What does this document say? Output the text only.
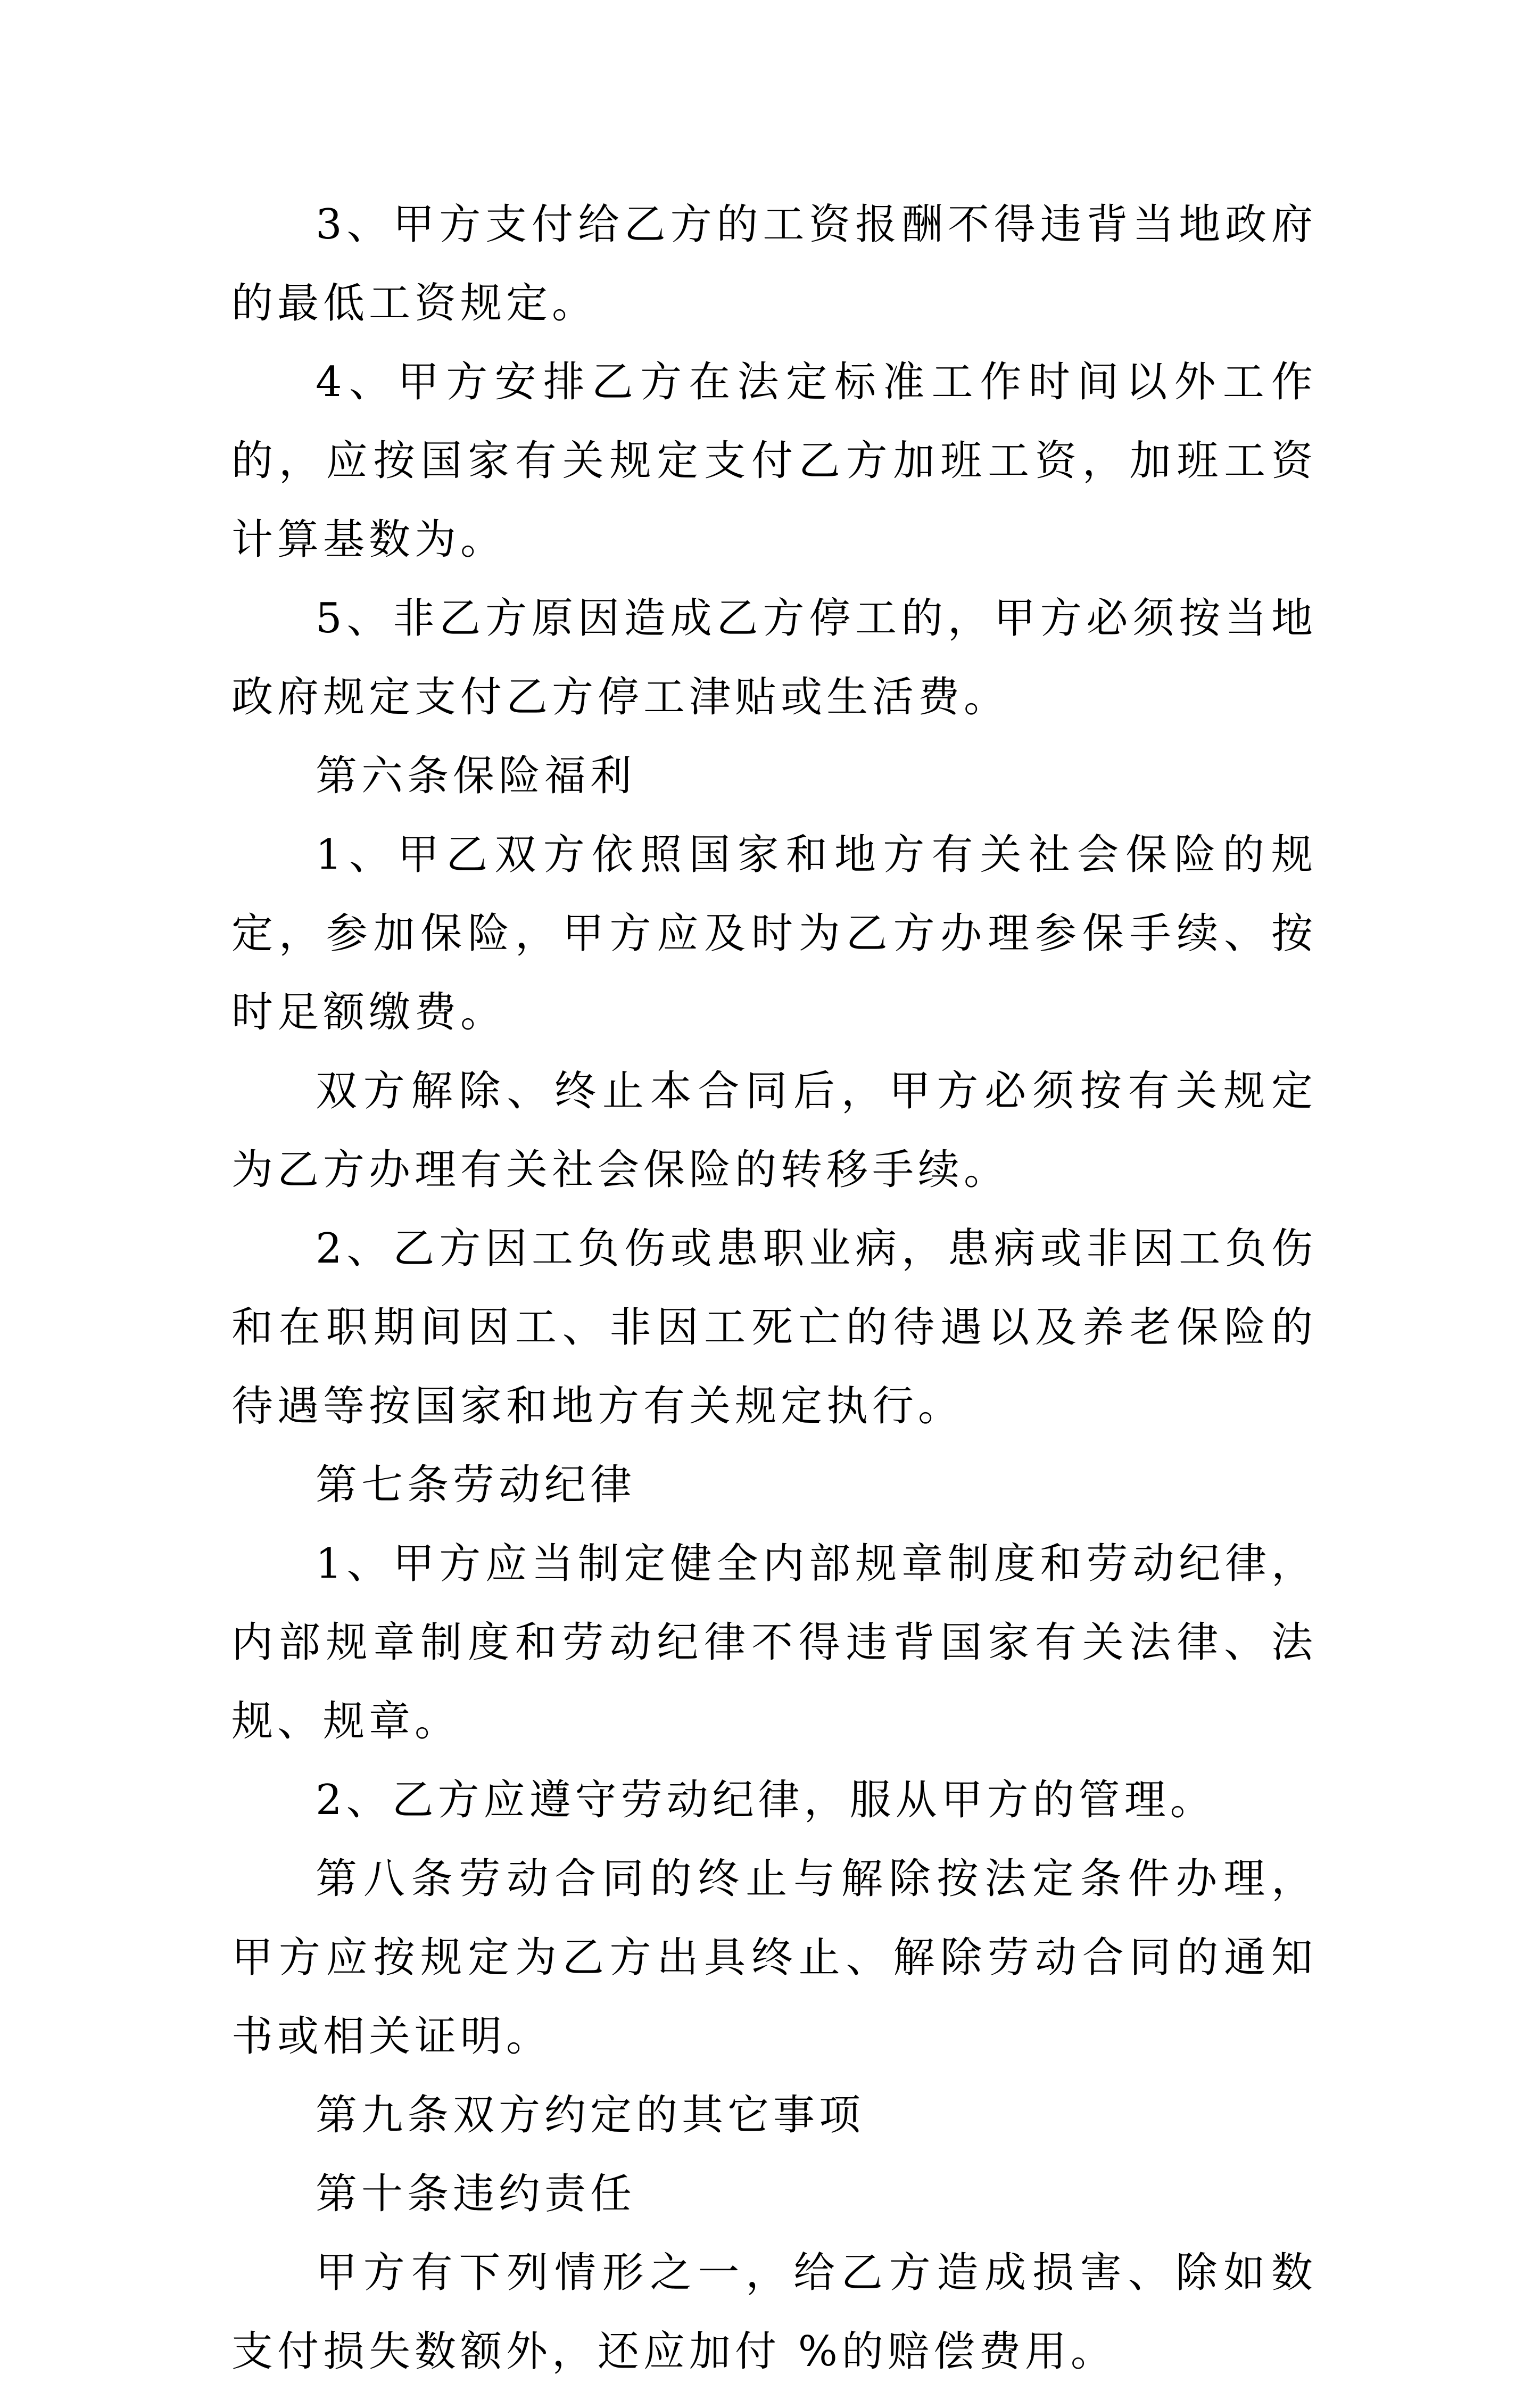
3、甲方支付给乙方的工资报酬不得违背当地政府的最低工资规定。

4、甲方安排乙方在法定标准工作时间以外工作的，应按国家有关规定支付乙方加班工资，加班工资计算基数为。

5、非乙方原因造成乙方停工的，甲方必须按当地政府规定支付乙方停工津贴或生活费。

第六条保险福利

1、甲乙双方依照国家和地方有关社会保险的规定，参加保险，甲方应及时为乙方办理参保手续、按时足额缴费。

双方解除、终止本合同后，甲方必须按有关规定为乙方办理有关社会保险的转移手续。

2、乙方因工负伤或患职业病，患病或非因工负伤和在职期间因工、非因工死亡的待遇以及养老保险的待遇等按国家和地方有关规定执行。

第七条劳动纪律

1、甲方应当制定健全内部规章制度和劳动纪律，内部规章制度和劳动纪律不得违背国家有关法律、法规、规章。

2、乙方应遵守劳动纪律，服从甲方的管理。

第八条劳动合同的终止与解除按法定条件办理，甲方应按规定为乙方出具终止、解除劳动合同的通知书或相关证明。

第九条双方约定的其它事项

第十条违约责任

甲方有下列情形之一，给乙方造成损害、除如数支付损失数额外，还应加付 %的赔偿费用。
